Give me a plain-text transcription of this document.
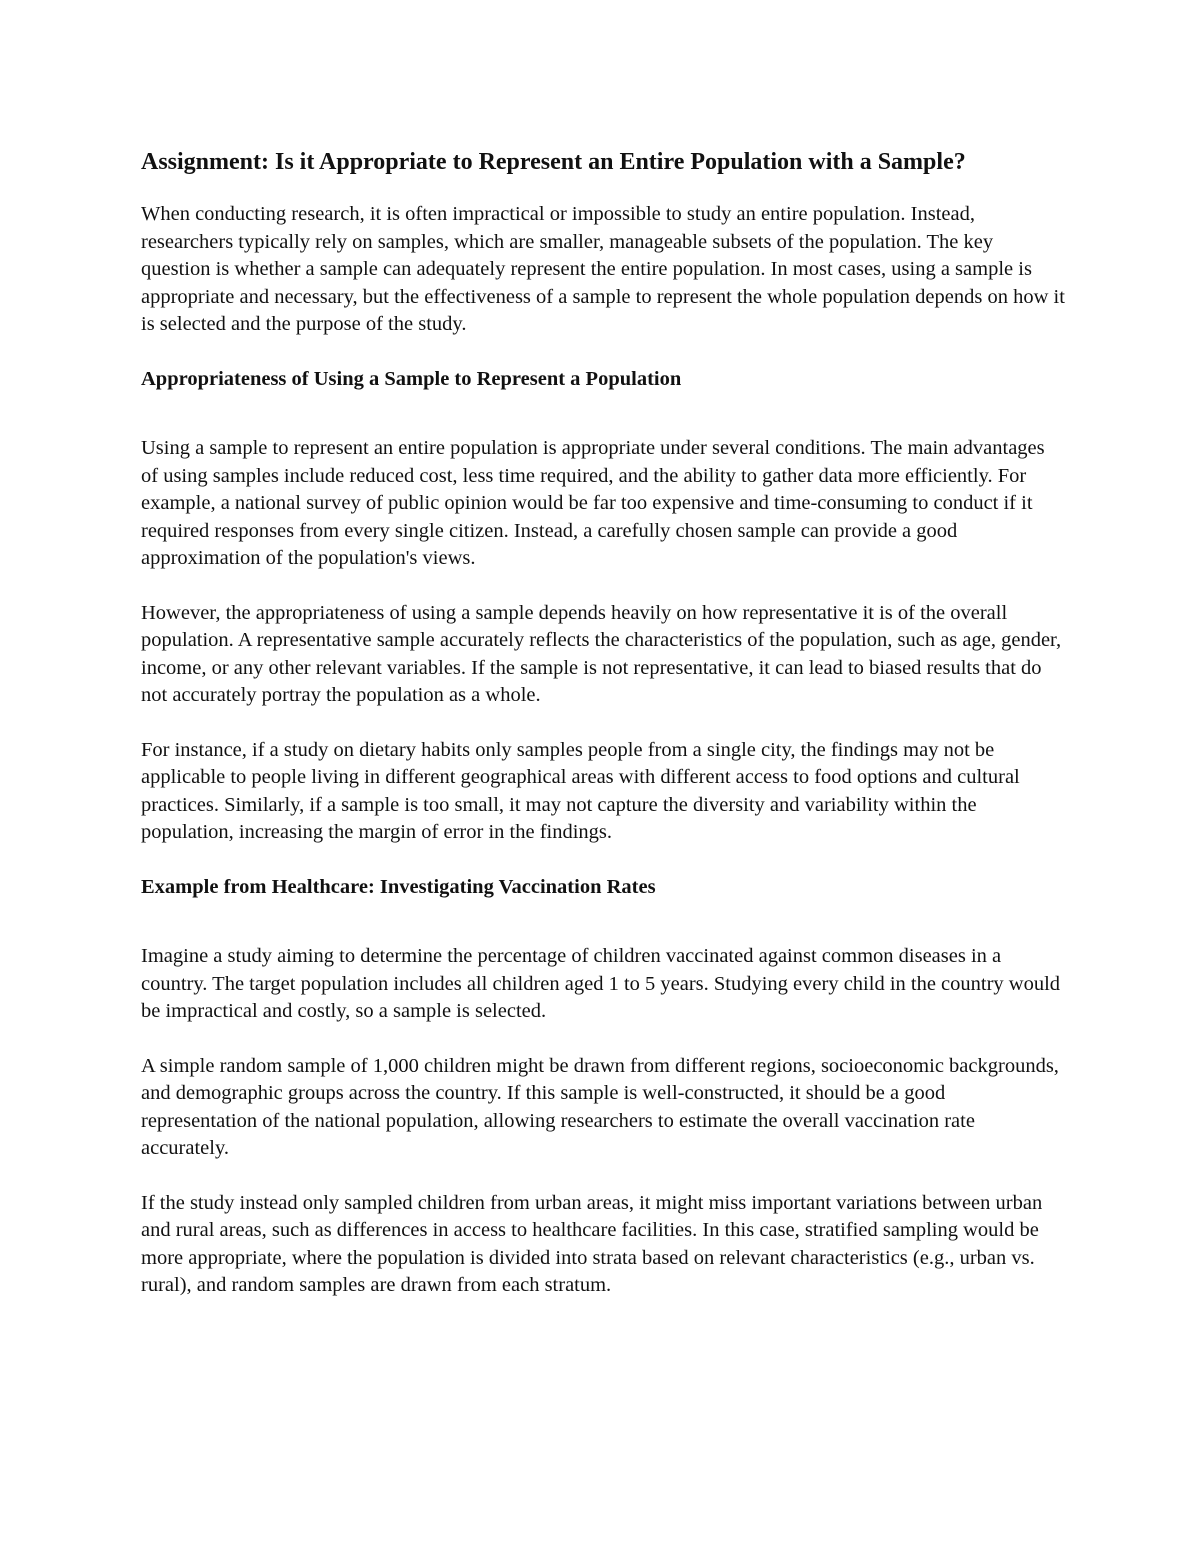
Assignment: Is it Appropriate to Represent an Entire Population with a Sample?

When conducting research, it is often impractical or impossible to study an entire population. Instead, researchers typically rely on samples, which are smaller, manageable subsets of the population. The key question is whether a sample can adequately represent the entire population. In most cases, using a sample is appropriate and necessary, but the effectiveness of a sample to represent the whole population depends on how it is selected and the purpose of the study.

Appropriateness of Using a Sample to Represent a Population

Using a sample to represent an entire population is appropriate under several conditions. The main advantages of using samples include reduced cost, less time required, and the ability to gather data more efficiently. For example, a national survey of public opinion would be far too expensive and time-consuming to conduct if it required responses from every single citizen. Instead, a carefully chosen sample can provide a good approximation of the population's views.

However, the appropriateness of using a sample depends heavily on how representative it is of the overall population. A representative sample accurately reflects the characteristics of the population, such as age, gender, income, or any other relevant variables. If the sample is not representative, it can lead to biased results that do not accurately portray the population as a whole.

For instance, if a study on dietary habits only samples people from a single city, the findings may not be applicable to people living in different geographical areas with different access to food options and cultural practices. Similarly, if a sample is too small, it may not capture the diversity and variability within the population, increasing the margin of error in the findings.

Example from Healthcare: Investigating Vaccination Rates

Imagine a study aiming to determine the percentage of children vaccinated against common diseases in a country. The target population includes all children aged 1 to 5 years. Studying every child in the country would be impractical and costly, so a sample is selected.

A simple random sample of 1,000 children might be drawn from different regions, socioeconomic backgrounds, and demographic groups across the country. If this sample is well-constructed, it should be a good representation of the national population, allowing researchers to estimate the overall vaccination rate accurately.

If the study instead only sampled children from urban areas, it might miss important variations between urban and rural areas, such as differences in access to healthcare facilities. In this case, stratified sampling would be more appropriate, where the population is divided into strata based on relevant characteristics (e.g., urban vs. rural), and random samples are drawn from each stratum.
